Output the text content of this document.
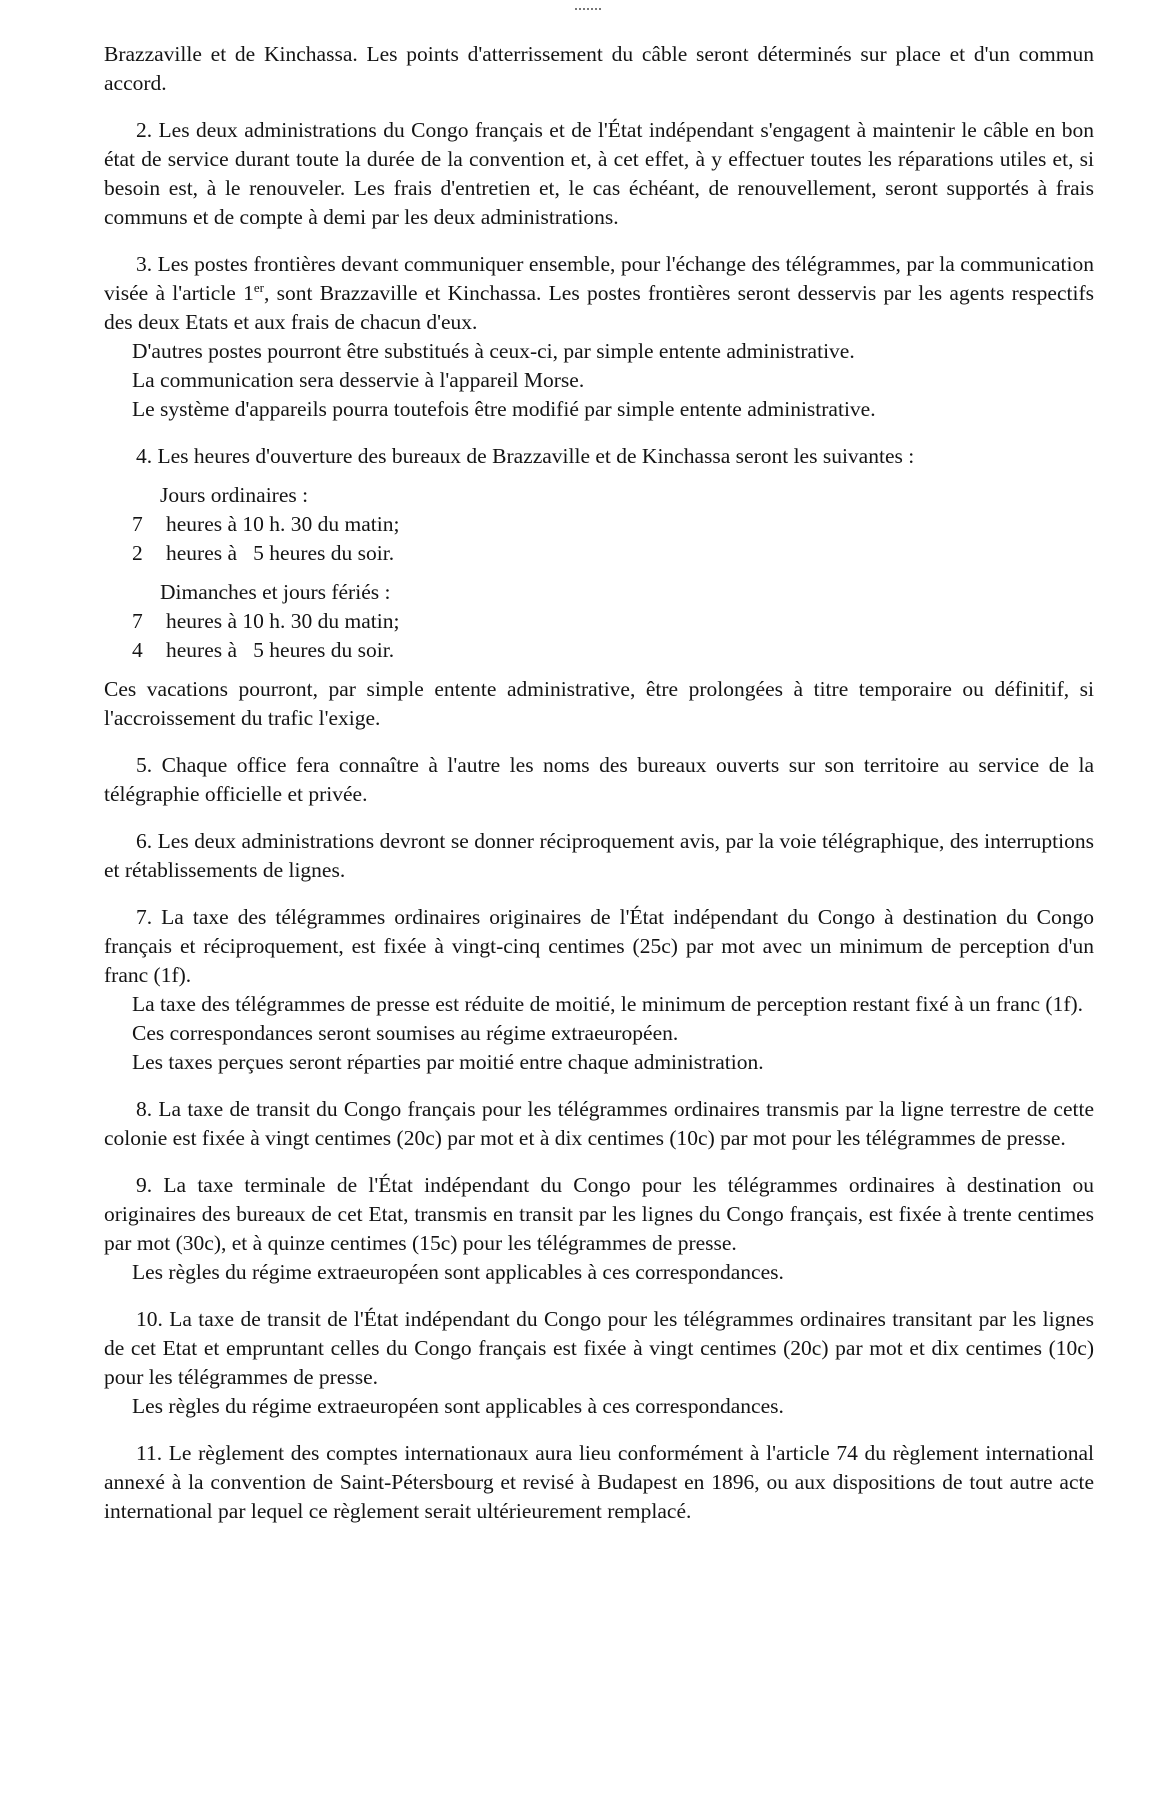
Brazzaville et de Kinchassa. Les points d'atterrissement du câble seront déterminés sur place et d'un commun accord.

2. Les deux administrations du Congo français et de l'État indépendant s'engagent à maintenir le câble en bon état de service durant toute la durée de la convention et, à cet effet, à y effectuer toutes les réparations utiles et, si besoin est, à le renouveler. Les frais d'entretien et, le cas échéant, de renouvellement, seront supportés à frais communs et de compte à demi par les deux administrations.

3. Les postes frontières devant communiquer ensemble, pour l'échange des télégrammes, par la communication visée à l'article 1er, sont Brazzaville et Kinchassa. Les postes frontières seront desservis par les agents respectifs des deux Etats et aux frais de chacun d'eux.

D'autres postes pourront être substitués à ceux-ci, par simple entente administrative.

La communication sera desservie à l'appareil Morse.

Le système d'appareils pourra toutefois être modifié par simple entente administrative.

4. Les heures d'ouverture des bureaux de Brazzaville et de Kinchassa seront les suivantes :

Jours ordinaires :

7 heures à 10 h. 30 du matin;

2 heures à   5 heures du soir.

Dimanches et jours fériés :

7 heures à 10 h. 30 du matin;

4 heures à   5 heures du soir.

Ces vacations pourront, par simple entente administrative, être prolongées à titre temporaire ou définitif, si l'accroissement du trafic l'exige.

5. Chaque office fera connaître à l'autre les noms des bureaux ouverts sur son territoire au service de la télégraphie officielle et privée.

6. Les deux administrations devront se donner réciproquement avis, par la voie télégraphique, des interruptions et rétablissements de lignes.

7. La taxe des télégrammes ordinaires originaires de l'État indépendant du Congo à destination du Congo français et réciproquement, est fixée à vingt-cinq centimes (25c) par mot avec un minimum de perception d'un franc (1f).

La taxe des télégrammes de presse est réduite de moitié, le minimum de perception restant fixé à un franc (1f).

Ces correspondances seront soumises au régime extraeuropéen.

Les taxes perçues seront réparties par moitié entre chaque administration.

8. La taxe de transit du Congo français pour les télégrammes ordinaires transmis par la ligne terrestre de cette colonie est fixée à vingt centimes (20c) par mot et à dix centimes (10c) par mot pour les télégrammes de presse.

9. La taxe terminale de l'État indépendant du Congo pour les télégrammes ordinaires à destination ou originaires des bureaux de cet Etat, transmis en transit par les lignes du Congo français, est fixée à trente centimes par mot (30c), et à quinze centimes (15c) pour les télégrammes de presse.

Les règles du régime extraeuropéen sont applicables à ces correspondances.

10. La taxe de transit de l'État indépendant du Congo pour les télégrammes ordinaires transitant par les lignes de cet Etat et empruntant celles du Congo français est fixée à vingt centimes (20c) par mot et dix centimes (10c) pour les télégrammes de presse.

Les règles du régime extraeuropéen sont applicables à ces correspondances.

11. Le règlement des comptes internationaux aura lieu conformément à l'article 74 du règlement international annexé à la convention de Saint-Pétersbourg et revisé à Budapest en 1896, ou aux dispositions de tout autre acte international par lequel ce règlement serait ultérieurement remplacé.
